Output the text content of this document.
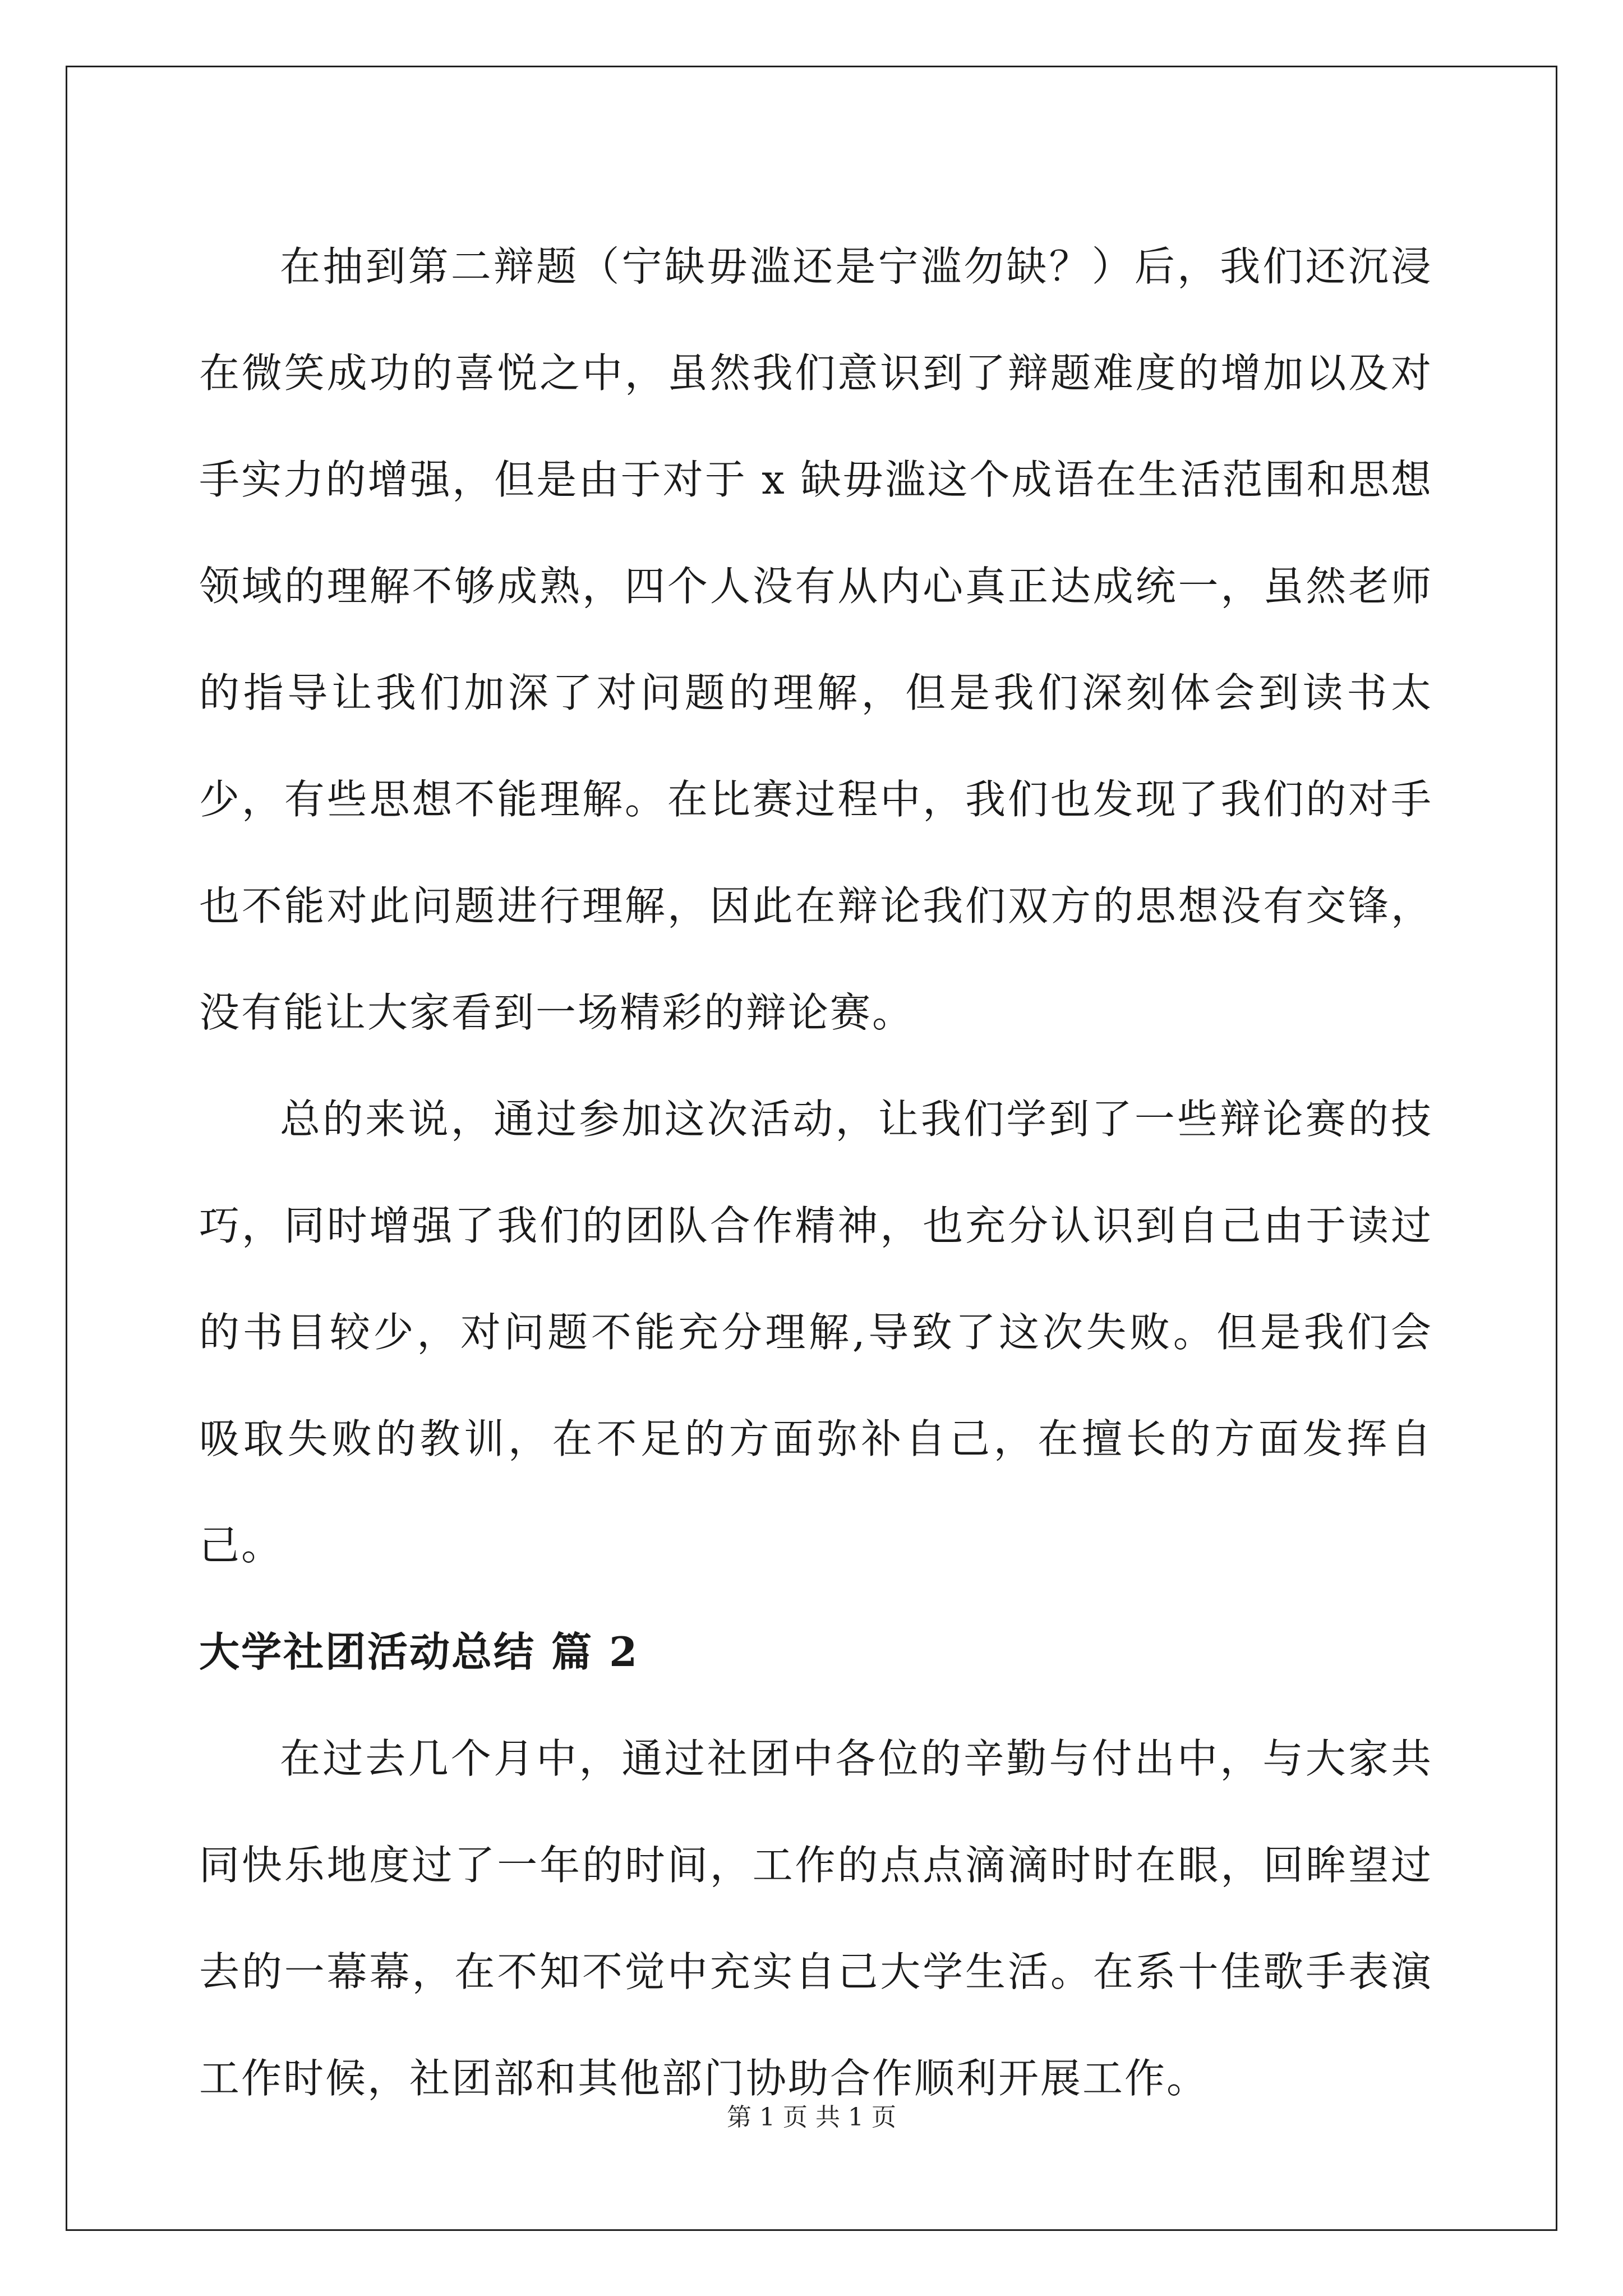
在抽到第二辩题（宁缺毋滥还是宁滥勿缺？）后，我们还沉浸在微笑成功的喜悦之中，虽然我们意识到了辩题难度的增加以及对手实力的增强，但是由于对于 x 缺毋滥这个成语在生活范围和思想领域的理解不够成熟，四个人没有从内心真正达成统一，虽然老师的指导让我们加深了对问题的理解，但是我们深刻体会到读书太少，有些思想不能理解。在比赛过程中，我们也发现了我们的对手也不能对此问题进行理解，因此在辩论我们双方的思想没有交锋，没有能让大家看到一场精彩的辩论赛。

总的来说，通过参加这次活动，让我们学到了一些辩论赛的技巧，同时增强了我们的团队合作精神，也充分认识到自己由于读过的书目较少，对问题不能充分理解,导致了这次失败。但是我们会吸取失败的教训，在不足的方面弥补自己，在擅长的方面发挥自己。

大学社团活动总结 篇 2

在过去几个月中，通过社团中各位的辛勤与付出中，与大家共同快乐地度过了一年的时间，工作的点点滴滴时时在眼，回眸望过去的一幕幕，在不知不觉中充实自己大学生活。在系十佳歌手表演工作时候，社团部和其他部门协助合作顺利开展工作。

第 1 页 共 1 页
